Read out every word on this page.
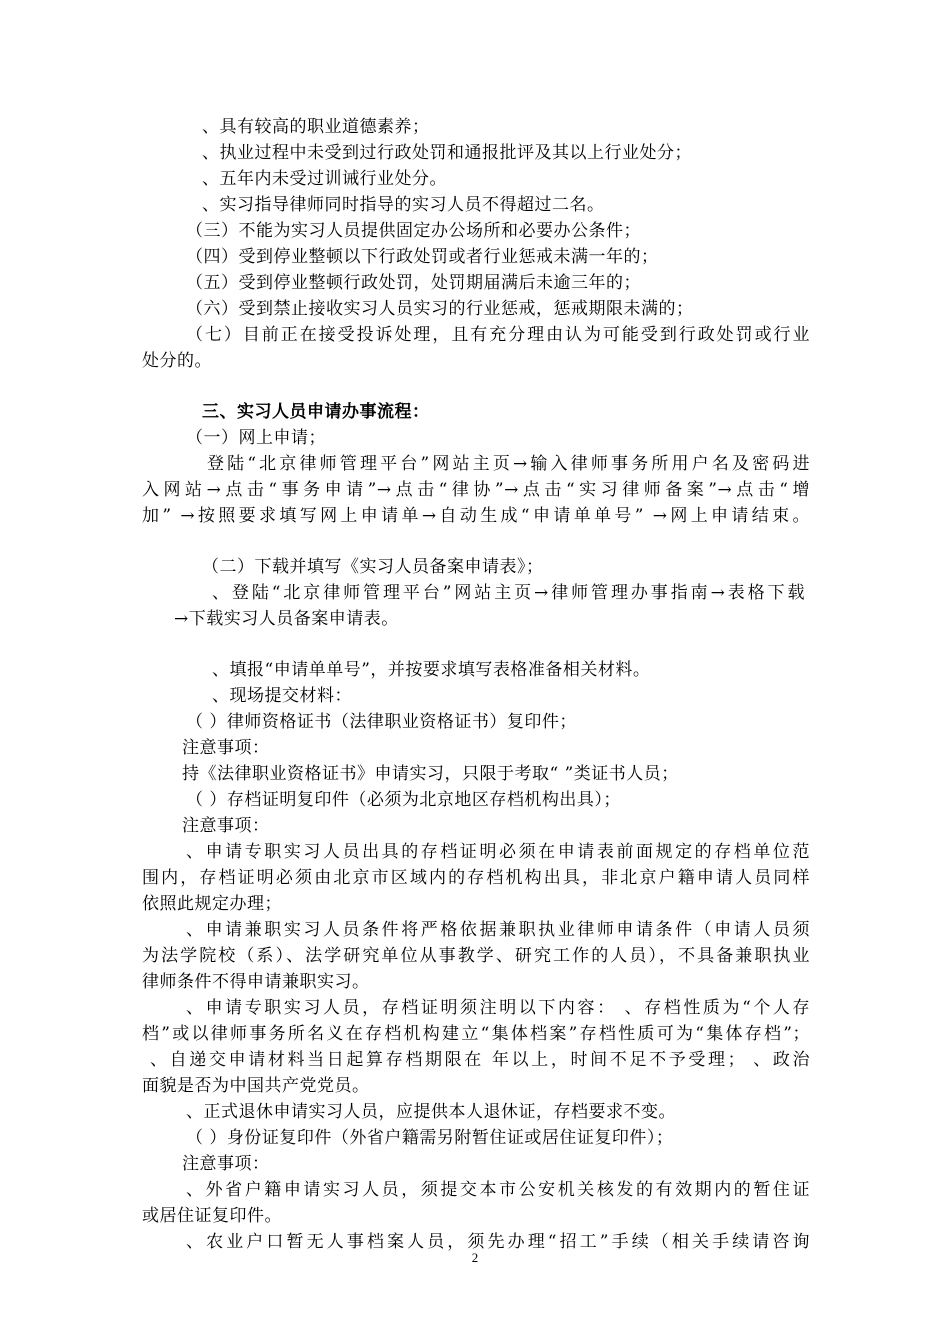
、具有较高的职业道德素养；
、执业过程中未受到过行政处罚和通报批评及其以上行业处分；
、五年内未受过训诫行业处分。
、实习指导律师同时指导的实习人员不得超过二名。
（三）不能为实习人员提供固定办公场所和必要办公条件；
（四）受到停业整顿以下行政处罚或者行业惩戒未满一年的；
（五）受到停业整顿行政处罚，处罚期届满后未逾三年的；
（六）受到禁止接收实习人员实习的行业惩戒，惩戒期限未满的；
（七）目前正在接受投诉处理，且有充分理由认为可能受到行政处罚或行业
处分的。
三、实习人员申请办事流程：
（一）网上申请；
登陆“北京律师管理平台”网站主页→输入律师事务所用户名及密码进
入网站→点击“事务申请”→点击“律协”→点击“实习律师备案”→点击“增
加” →按照要求填写网上申请单→自动生成“申请单单号” →网上申请结束。
（二）下载并填写《实习人员备案申请表》；
、登陆“北京律师管理平台”网站主页→律师管理办事指南→表格下载
→下载实习人员备案申请表。
、填报“申请单单号”，并按要求填写表格准备相关材料。
、现场提交材料：
（ ）律师资格证书（法律职业资格证书）复印件；
注意事项：
持《法律职业资格证书》申请实习，只限于考取“ ”类证书人员；
（ ）存档证明复印件（必须为北京地区存档机构出具）；
注意事项：
、申请专职实习人员出具的存档证明必须在申请表前面规定的存档单位范
围内，存档证明必须由北京市区域内的存档机构出具，非北京户籍申请人员同样
依照此规定办理；
、申请兼职实习人员条件将严格依据兼职执业律师申请条件（申请人员须
为法学院校（系）、法学研究单位从事教学、研究工作的人员），不具备兼职执业
律师条件不得申请兼职实习。
、申请专职实习人员，存档证明须注明以下内容： 、存档性质为“个人存
档”或以律师事务所名义在存档机构建立“集体档案”存档性质可为“集体存档”；
、自递交申请材料当日起算存档期限在 年以上，时间不足不予受理； 、政治
面貌是否为中国共产党党员。
、正式退休申请实习人员，应提供本人退休证，存档要求不变。
（ ）身份证复印件（外省户籍需另附暂住证或居住证复印件）；
注意事项：
、外省户籍申请实习人员，须提交本市公安机关核发的有效期内的暂住证
或居住证复印件。
、农业户口暂无人事档案人员，须先办理“招工”手续（相关手续请咨询
2
